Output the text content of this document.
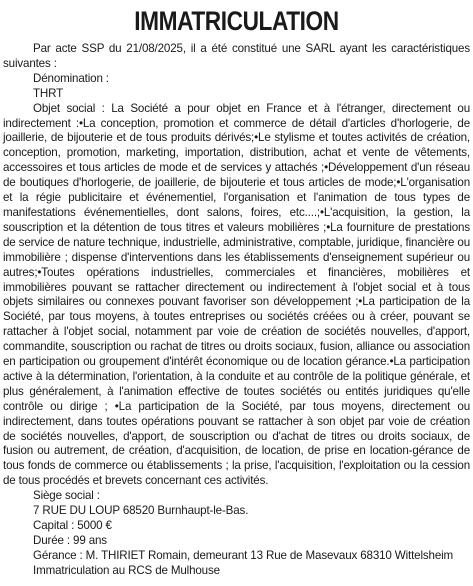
IMMATRICULATION

Par acte SSP du 21/08/2025, il a été constitué une SARL ayant les caractéristiques suivantes :

Dénomination :

THRT

Objet social : La Société a pour objet en France et à l'étranger, directement ou indirectement :•La conception, promotion et commerce de détail d'articles d'horlogerie, de joaillerie, de bijouterie et de tous produits dérivés;•Le stylisme et toutes activités de création, conception, promotion, marketing, importation, distribution, achat et vente de vêtements, accessoires et tous articles de mode et de services y attachés ;•Développement d'un réseau de boutiques d'horlogerie, de joaillerie, de bijouterie et tous articles de mode;•L'organisation et la régie publicitaire et événementiel, l'organisation et l'animation de tous types de manifestations événementielles, dont salons, foires, etc....;•L'acquisition, la gestion, la souscription et la détention de tous titres et valeurs mobilières ;•La fourniture de prestations de service de nature technique, industrielle, administrative, comptable, juridique, financière ou immobilière ; dispense d'interventions dans les établissements d'enseignement supérieur ou autres;•Toutes opérations industrielles, commerciales et financières, mobilières et immobilières pouvant se rattacher directement ou indirectement à l'objet social et à tous objets similaires ou connexes pouvant favoriser son développement ;•La participation de la Société, par tous moyens, à toutes entreprises ou sociétés créées ou à créer, pouvant se rattacher à l'objet social, notamment par voie de création de sociétés nouvelles, d'apport, commandite, souscription ou rachat de titres ou droits sociaux, fusion, alliance ou association en participation ou groupement d'intérêt économique ou de location gérance.•La participation active à la détermination, l'orientation, à la conduite et au contrôle de la politique générale, et plus généralement, à l'animation effective de toutes sociétés ou entités juridiques qu'elle contrôle ou dirige ; •La participation de la Société, par tous moyens, directement ou indirectement, dans toutes opérations pouvant se rattacher à son objet par voie de création de sociétés nouvelles, d'apport, de souscription ou d'achat de titres ou droits sociaux, de fusion ou autrement, de création, d'acquisition, de location, de prise en location-gérance de tous fonds de commerce ou établissements ; la prise, l'acquisition, l'exploitation ou la cession de tous procédés et brevets concernant ces activités.

Siège social :

7 RUE DU LOUP 68520 Burnhaupt-le-Bas.

Capital : 5000 €

Durée : 99 ans

Gérance : M. THIRIET Romain, demeurant 13 Rue de Masevaux 68310 Wittelsheim

Immatriculation au RCS de Mulhouse
